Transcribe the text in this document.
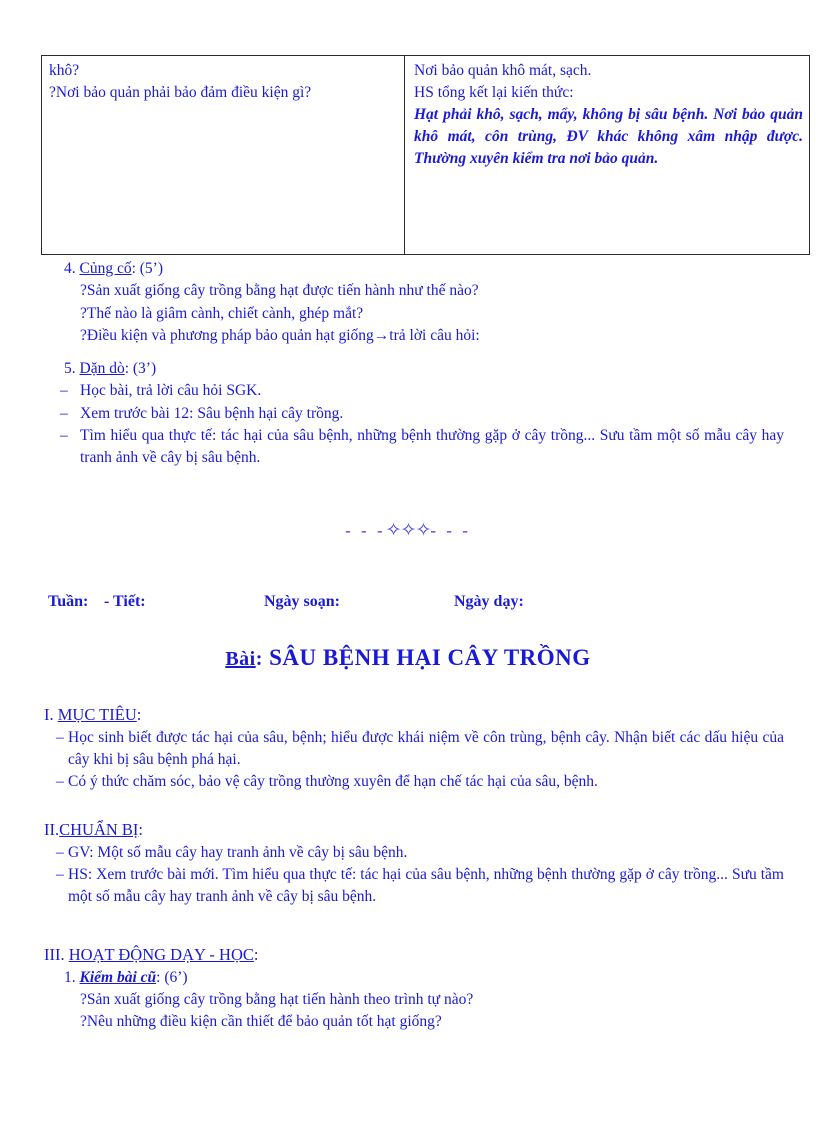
khô?
?Nơi bảo quản phải bảo đảm điều kiện gì?

Nơi bảo quản khô mát, sạch.
HS tổng kết lại kiến thức:
Hạt phải khô, sạch, mẩy, không bị sâu bệnh. Nơi bảo quản khô mát, côn trùng, ĐV khác không xâm nhập được. Thường xuyên kiểm tra nơi bảo quản.
4. Củng cố: (5’)
?Sản xuất giống cây trồng bằng hạt được tiến hành như thế nào?
?Thế nào là giâm cành, chiết cành, ghép mắt?
?Điều kiện và phương pháp bảo quản hạt giống→trả lời câu hỏi:
5. Dặn dò: (3’)
– Học bài, trả lời câu hỏi SGK.
– Xem trước bài 12: Sâu bệnh hại cây trồng.
– Tìm hiểu qua thực tế: tác hại của sâu bệnh, những bệnh thường gặp ở cây trồng... Sưu tầm một số mẫu cây hay tranh ảnh về cây bị sâu bệnh.
- - -✧✧✧- - -
Tuần: - Tiết:	Ngày soạn:	Ngày dạy:
Bài: SÂU BỆNH HẠI CÂY TRỒNG
I. MỤC TIÊU:
– Học sinh biết được tác hại của sâu, bệnh; hiểu được khái niệm về côn trùng, bệnh cây. Nhận biết các dấu hiệu của cây khi bị sâu bệnh phá hại.
– Có ý thức chăm sóc, bảo vệ cây trồng thường xuyên để hạn chế tác hại của sâu, bệnh.
II.CHUẨN BỊ:
– GV: Một số mẫu cây hay tranh ảnh về cây bị sâu bệnh.
– HS: Xem trước bài mới. Tìm hiểu qua thực tế: tác hại của sâu bệnh, những bệnh thường gặp ở cây trồng... Sưu tầm một số mẫu cây hay tranh ảnh về cây bị sâu bệnh.
III. HOẠT ĐỘNG DẠY - HỌC:
1. Kiểm bài cũ: (6’)
?Sản xuất giống cây trồng bằng hạt tiến hành theo trình tự nào?
?Nêu những điều kiện cần thiết để bảo quản tốt hạt giống?
